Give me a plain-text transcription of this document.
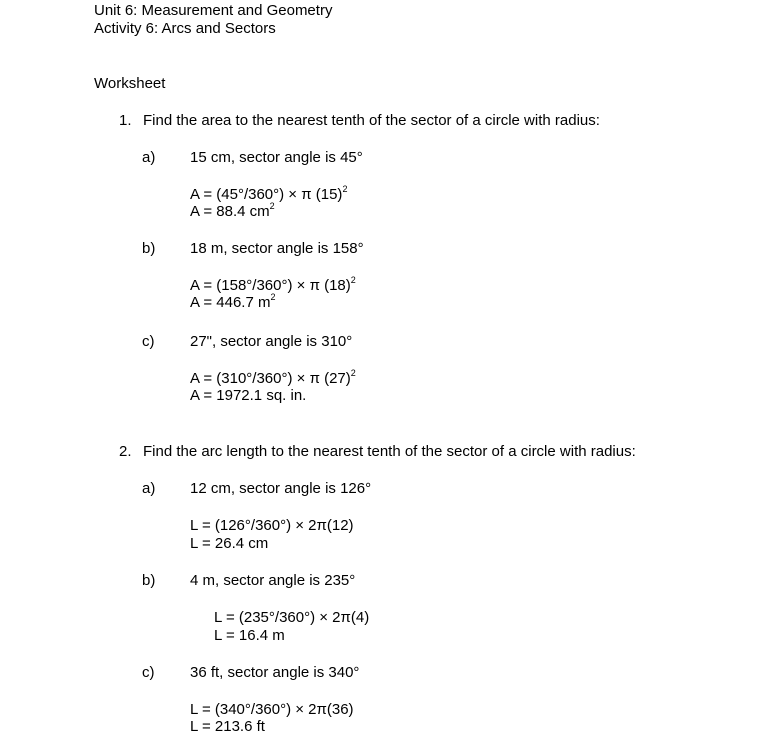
Unit 6: Measurement and Geometry
Activity 6: Arcs and Sectors
Worksheet
1. Find the area to the nearest tenth of the sector of a circle with radius:
a) 15 cm, sector angle is 45°
A = (45°/360°) × π $(15)^2$
A = 88.4 $cm^2$
b) 18 m, sector angle is 158°
A = (158°/360°) × π $(18)^2$
A = 446.7 $m^2$
c) 27", sector angle is 310°
A = (310°/360°) × π $(27)^2$
A = 1972.1 sq. in.
2. Find the arc length to the nearest tenth of the sector of a circle with radius:
a) 12 cm, sector angle is 126°
L = (126°/360°) × 2π(12)
L = 26.4 cm
b) 4 m, sector angle is 235°
L = (235°/360°) × 2π(4)
L = 16.4 m
c) 36 ft, sector angle is 340°
L = (340°/360°) × 2π(36)
L = 213.6 ft
